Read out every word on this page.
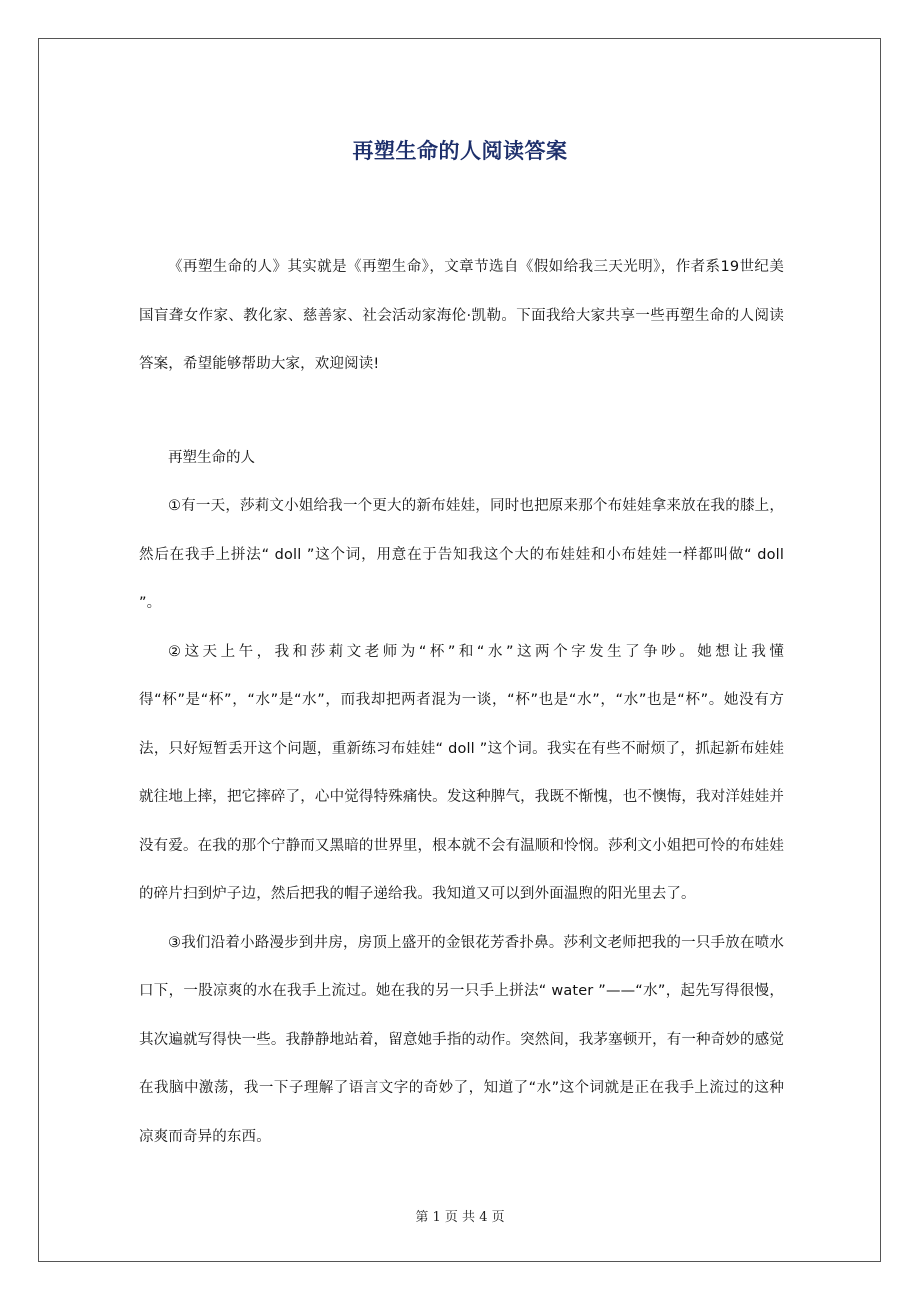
再塑生命的人阅读答案

《再塑生命的人》其实就是《再塑生命》，文章节选自《假如给我三天光明》，作者系19世纪美国盲聋女作家、教化家、慈善家、社会活动家海伦·凯勒。下面我给大家共享一些再塑生命的人阅读答案，希望能够帮助大家，欢迎阅读!

再塑生命的人

①有一天，莎莉文小姐给我一个更大的新布娃娃，同时也把原来那个布娃娃拿来放在我的膝上，然后在我手上拼法“ doll ”这个词，用意在于告知我这个大的布娃娃和小布娃娃一样都叫做“ doll ”。

②这天上午，我和莎莉文老师为“杯”和“水”这两个字发生了争吵。她想让我懂得“杯”是“杯”，“水”是“水”，而我却把两者混为一谈，“杯”也是“水”，“水”也是“杯”。她没有方法，只好短暂丢开这个问题，重新练习布娃娃“ doll ”这个词。我实在有些不耐烦了，抓起新布娃娃就往地上摔，把它摔碎了，心中觉得特殊痛快。发这种脾气，我既不惭愧，也不懊悔，我对洋娃娃并没有爱。在我的那个宁静而又黑暗的世界里，根本就不会有温顺和怜悯。莎利文小姐把可怜的布娃娃的碎片扫到炉子边，然后把我的帽子递给我。我知道又可以到外面温煦的阳光里去了。

③我们沿着小路漫步到井房，房顶上盛开的金银花芳香扑鼻。莎利文老师把我的一只手放在喷水口下，一股凉爽的水在我手上流过。她在我的另一只手上拼法“ water ”——“水”，起先写得很慢，其次遍就写得快一些。我静静地站着，留意她手指的动作。突然间，我茅塞顿开，有一种奇妙的感觉在我脑中激荡，我一下子理解了语言文字的奇妙了，知道了“水”这个词就是正在我手上流过的这种凉爽而奇异的东西。

第 1 页 共 4 页
